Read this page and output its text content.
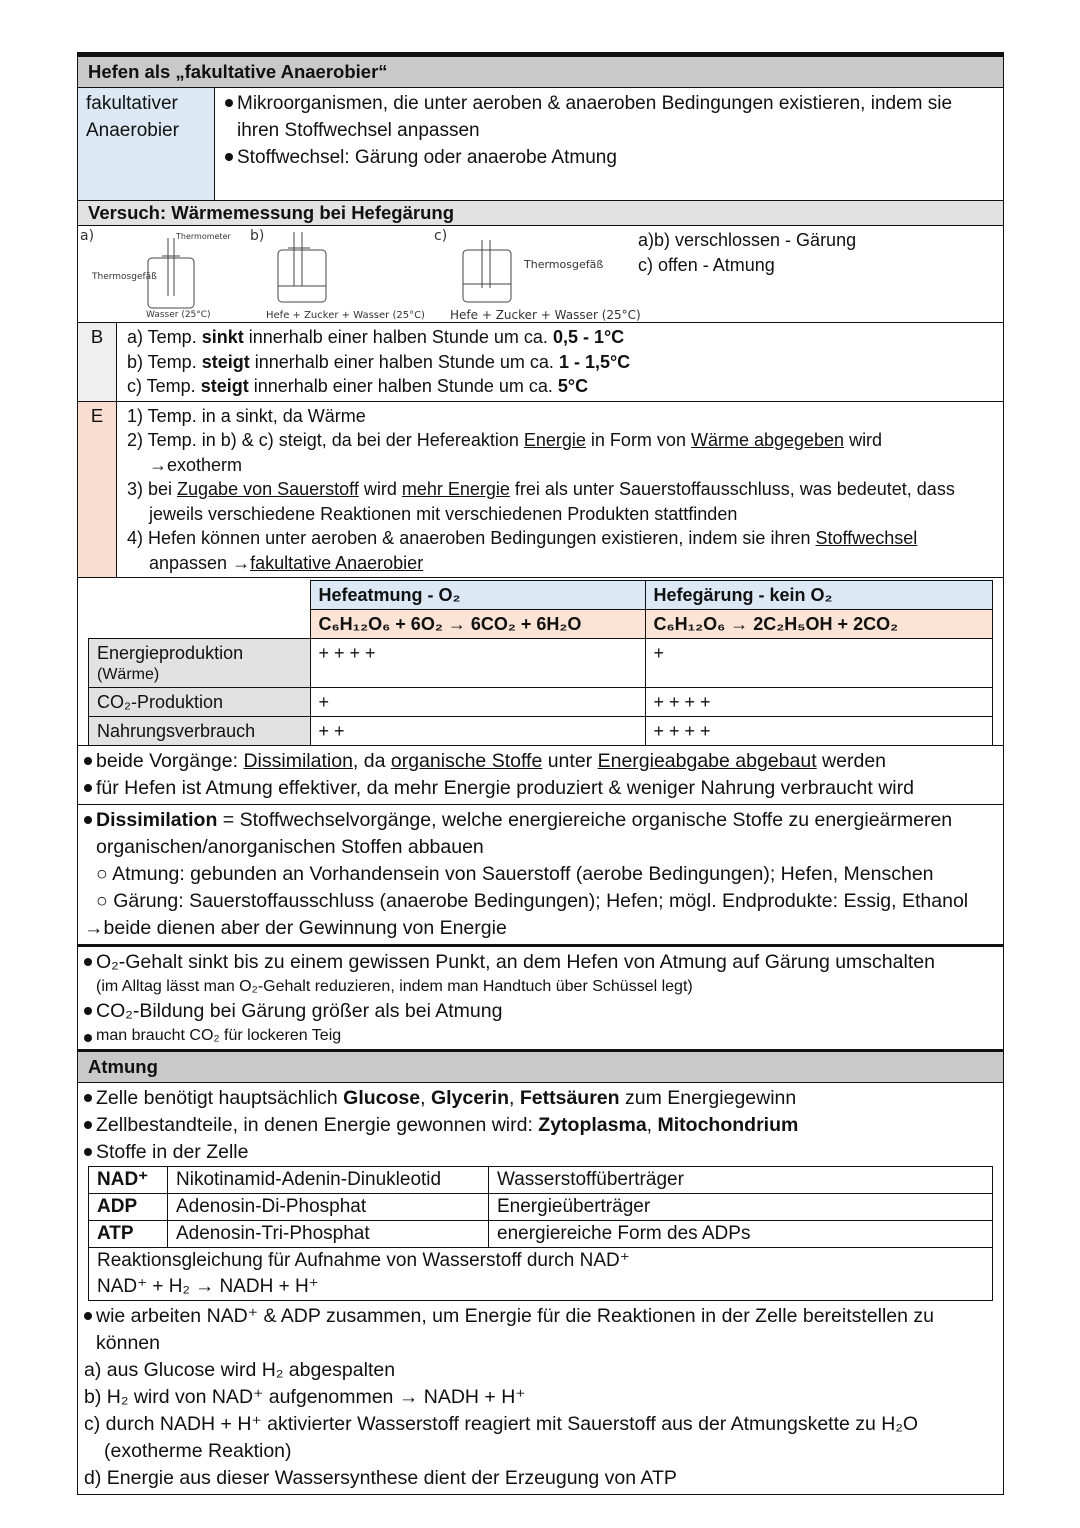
Hefen als „fakultative Anaerobier“
fakultativer
Anaerobier
Mikroorganismen, die unter aeroben & anaeroben Bedingungen existieren, indem sie
ihren Stoffwechsel anpassen
Stoffwechsel: Gärung oder anaerobe Atmung
Versuch: Wärmemessung bei Hefegärung
a)	b)	c)
Thermosgefäß
Thermometer
Thermosgefäß
Wasser (25°C)	Hefe + Zucker + Wasser (25°C) Hefe + Zucker + Wasser (25°C)
a)b) verschlossen - Gärung
c) offen - Atmung
B	a) Temp. sinkt innerhalb einer halben Stunde um ca. 0,5 - 1°C
b) Temp. steigt innerhalb einer halben Stunde um ca. 1 - 1,5°C
c) Temp. steigt innerhalb einer halben Stunde um ca. 5°C
E	1) Temp. in a sinkt, da Wärme
2) Temp. in b) & c) steigt, da bei der Hefereaktion Energie in Form von Wärme abgegeben wird
→exotherm
3) bei Zugabe von Sauerstoff wird mehr Energie frei als unter Sauerstoffausschluss, was bedeutet, dass
jeweils verschiedene Reaktionen mit verschiedenen Produkten stattfinden
4) Hefen können unter aeroben & anaeroben Bedingungen existieren, indem sie ihren Stoffwechsel
anpassen →fakultative Anaerobier
	Hefeatmung - O₂	Hefegärung - kein O₂
	C₆H₁₂O₆ + 6O₂ → 6CO₂ + 6H₂O	C₆H₁₂O₆ → 2C₂H₅OH + 2CO₂

Energieproduktion
(Wärme)	+ + + +	+
CO₂-Produktion	+	+ + + +
Nahrungsverbrauch	+ +	+ + + +
beide Vorgänge: Dissimilation, da organische Stoffe unter Energieabgabe abgebaut werden
für Hefen ist Atmung effektiver, da mehr Energie produziert & weniger Nahrung verbraucht wird
Dissimilation = Stoffwechselvorgänge, welche energiereiche organische Stoffe zu energieärmeren
organischen/anorganischen Stoffen abbauen
○ Atmung: gebunden an Vorhandensein von Sauerstoff (aerobe Bedingungen); Hefen, Menschen
○ Gärung: Sauerstoffausschluss (anaerobe Bedingungen); Hefen; mögl. Endprodukte: Essig, Ethanol
→beide dienen aber der Gewinnung von Energie
O₂-Gehalt sinkt bis zu einem gewissen Punkt, an dem Hefen von Atmung auf Gärung umschalten
(im Alltag lässt man O₂-Gehalt reduzieren, indem man Handtuch über Schüssel legt)
CO₂-Bildung bei Gärung größer als bei Atmung
man braucht CO₂ für lockeren Teig
Atmung
Zelle benötigt hauptsächlich Glucose, Glycerin, Fettsäuren zum Energiegewinn
Zellbestandteile, in denen Energie gewonnen wird: Zytoplasma, Mitochondrium
Stoffe in der Zelle
NAD⁺	Nikotinamid-Adenin-Dinukleotid	Wasserstoffüberträger
ADP	Adenosin-Di-Phosphat	Energieüberträger
ATP	Adenosin-Tri-Phosphat	energiereiche Form des ADPs

Reaktionsgleichung für Aufnahme von Wasserstoff durch NAD⁺
NAD⁺ + H₂ → NADH + H⁺		
wie arbeiten NAD⁺ & ADP zusammen, um Energie für die Reaktionen in der Zelle bereitstellen zu
können
a) aus Glucose wird H₂ abgespalten
b) H₂ wird von NAD⁺ aufgenommen → NADH + H⁺
c) durch NADH + H⁺ aktivierter Wasserstoff reagiert mit Sauerstoff aus der Atmungskette zu H₂O
(exotherme Reaktion)
d) Energie aus dieser Wassersynthese dient der Erzeugung von ATP
